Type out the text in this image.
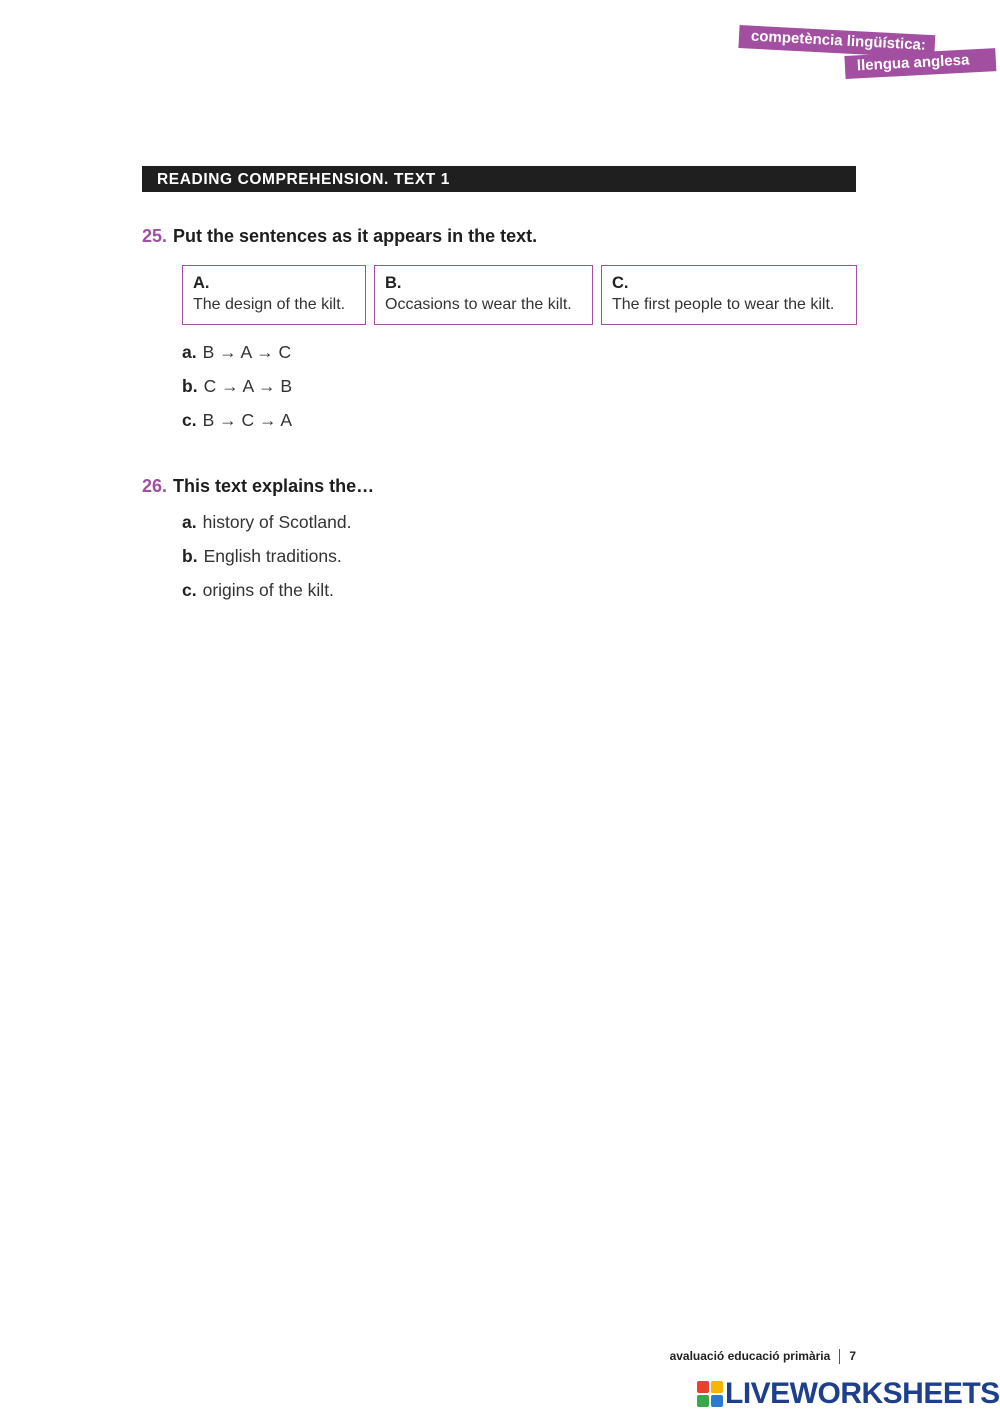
competència lingüística:
llengua anglesa
READING COMPREHENSION. TEXT 1
25. Put the sentences as it appears in the text.
A.
The design of the kilt.
B.
Occasions to wear the kilt.
C.
The first people to wear the kilt.
a. B → A → C
b. C → A → B
c. B → C → A
26. This text explains the…
a. history of Scotland.
b. English traditions.
c. origins of the kilt.
avaluació educació primària 7
LIVEWORKSHEETS
